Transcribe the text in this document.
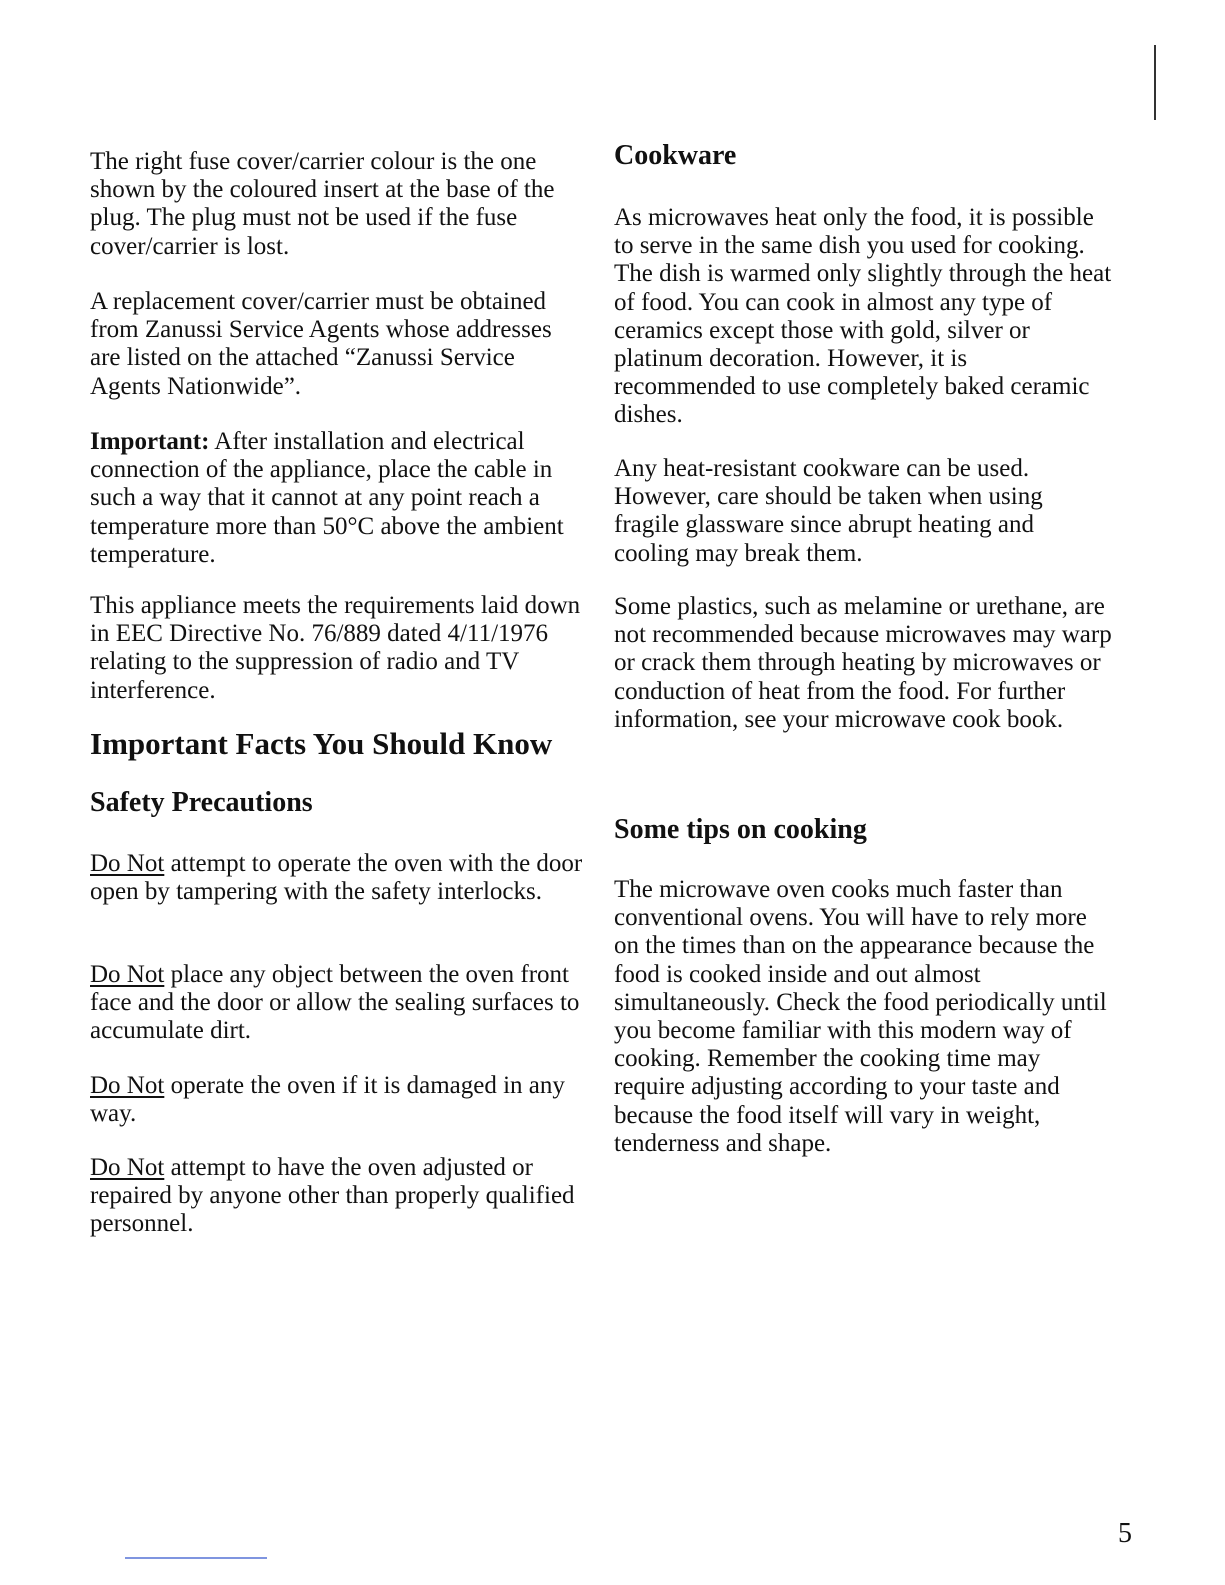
The right fuse cover/carrier colour is the one shown by the coloured insert at the base of the plug. The plug must not be used if the fuse cover/carrier is lost.

A replacement cover/carrier must be obtained from Zanussi Service Agents whose addresses are listed on the attached “Zanussi Service Agents Nationwide”.

Important: After installation and electrical connection of the appliance, place the cable in such a way that it cannot at any point reach a temperature more than 50°C above the ambient temperature.

This appliance meets the requirements laid down in EEC Directive No. 76/889 dated 4/11/1976 relating to the suppression of radio and TV interference.

Important Facts You Should Know
Safety Precautions

Do Not attempt to operate the oven with the door open by tampering with the safety interlocks.

Do Not place any object between the oven front face and the door or allow the sealing surfaces to accumulate dirt.

Do Not operate the oven if it is damaged in any way.

Do Not attempt to have the oven adjusted or repaired by anyone other than properly qualified personnel.

Cookware

As microwaves heat only the food, it is possible to serve in the same dish you used for cooking. The dish is warmed only slightly through the heat of food. You can cook in almost any type of ceramics except those with gold, silver or platinum decoration. However, it is recommended to use completely baked ceramic dishes.

Any heat-resistant cookware can be used. However, care should be taken when using fragile glassware since abrupt heating and cooling may break them.

Some plastics, such as melamine or urethane, are not recommended because microwaves may warp or crack them through heating by microwaves or conduction of heat from the food. For further information, see your microwave cook book.

Some tips on cooking

The microwave oven cooks much faster than conventional ovens. You will have to rely more on the times than on the appearance because the food is cooked inside and out almost simultaneously. Check the food periodically until you become familiar with this modern way of cooking. Remember the cooking time may require adjusting according to your taste and because the food itself will vary in weight, tenderness and shape.

5
